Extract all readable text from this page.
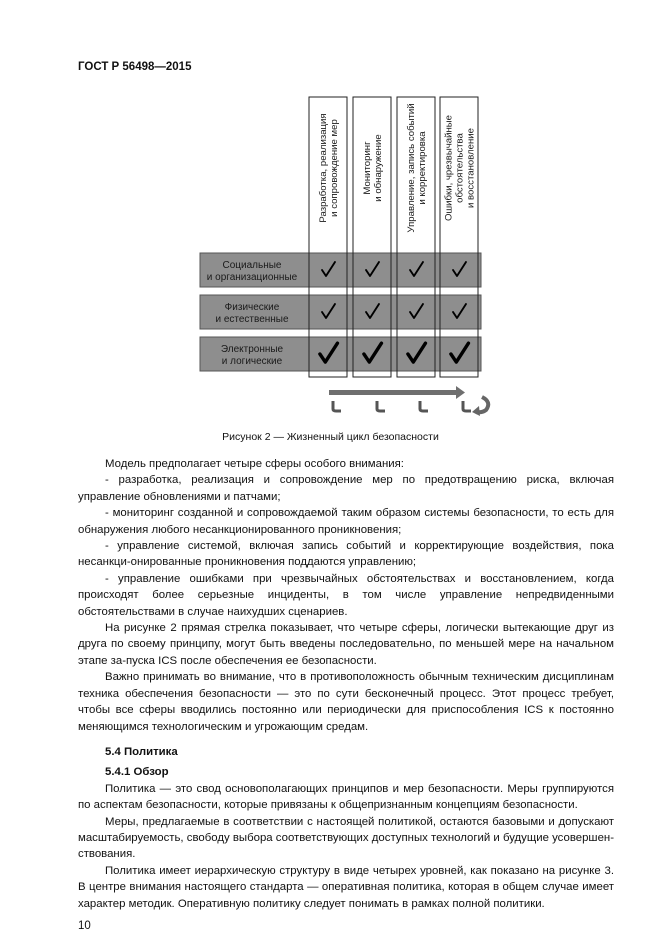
ГОСТ Р 56498—2015
Социальные и организационные
Физические и естественные
Электронные и логические
Разработка, реализацияи сопровождение мер Мониторинги обнаружение Управление, запись событийи корректировка Ошибки, чрезвычайныеобстоятельстваи восстановление
Рисунок 2 — Жизненный цикл безопасности

Модель предполагает четыре сферы особого внимания:

- разработка, реализация и сопровождение мер по предотвращению риска, включая управление обновлениями и патчами;

- мониторинг созданной и сопровождаемой таким образом системы безопасности, то есть для обнаружения любого несанкционированного проникновения;

- управление системой, включая запись событий и корректирующие воздействия, пока несанкци-онированные проникновения поддаются управлению;

- управление ошибками при чрезвычайных обстоятельствах и восстановлением, когда происходят более серьезные инциденты, в том числе управление непредвиденными обстоятельствами в случае наихудших сценариев.

На рисунке 2 прямая стрелка показывает, что четыре сферы, логически вытекающие друг из друга по своему принципу, могут быть введены последовательно, по меньшей мере на начальном этапе за-пуска ICS после обеспечения ее безопасности.

Важно принимать во внимание, что в противоположность обычным техническим дисциплинам техника обеспечения безопасности — это по сути бесконечный процесс. Этот процесс требует, чтобы все сферы вводились постоянно или периодически для приспособления ICS к постоянно меняющимся технологическим и угрожающим средам.

5.4 Политика
5.4.1 Обзор

Политика — это свод основополагающих принципов и мер безопасности. Меры группируются по аспектам безопасности, которые привязаны к общепризнанным концепциям безопасности.

Меры, предлагаемые в соответствии с настоящей политикой, остаются базовыми и допускают масштабируемость, свободу выбора соответствующих доступных технологий и будущие усовершен-ствования.

Политика имеет иерархическую структуру в виде четырех уровней, как показано на рисунке 3. В центре внимания настоящего стандарта — оперативная политика, которая в общем случае имеет характер методик. Оперативную политику следует понимать в рамках полной политики.

10
